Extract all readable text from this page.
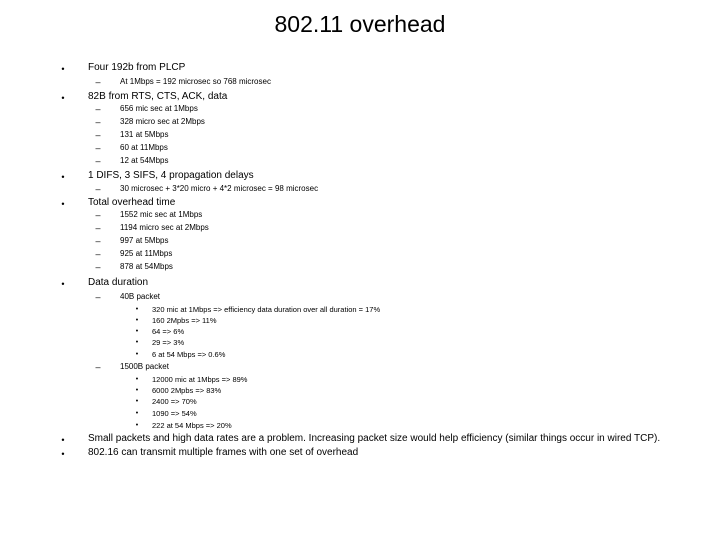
802.11 overhead
•	Four 192b from PLCP
–	At 1Mbps = 192 microsec so 768 microsec
•	82B from RTS, CTS, ACK, data
–	656 mic sec at 1Mbps
–	328 micro sec at 2Mbps
–	131 at 5Mbps
–	60 at 11Mbps
–	12 at 54Mbps
•	1 DIFS, 3 SIFS, 4 propagation delays
–	30 microsec + 3*20 micro + 4*2 microsec = 98 microsec
•	Total overhead time
–	1552 mic sec at 1Mbps
–	1194 micro sec at 2Mbps
–	997 at 5Mbps
–	925 at 11Mbps
–	878 at 54Mbps
•	Data duration
–	40B packet
•	320 mic at 1Mbps => efficiency data duration over all duration = 17%
•	160 2Mpbs => 11%
•	64 => 6%
•	29 => 3%
•	6 at 54 Mbps => 0.6%
–	1500B packet
•	12000 mic at 1Mbps => 89%
•	6000 2Mpbs => 83%
•	2400 => 70%
•	1090 => 54%
•	222 at 54 Mbps => 20%
•	Small packets and high data rates are a problem. Increasing packet size would help efficiency (similar things occur in wired TCP).
•	802.16 can transmit multiple frames with one set of overhead
